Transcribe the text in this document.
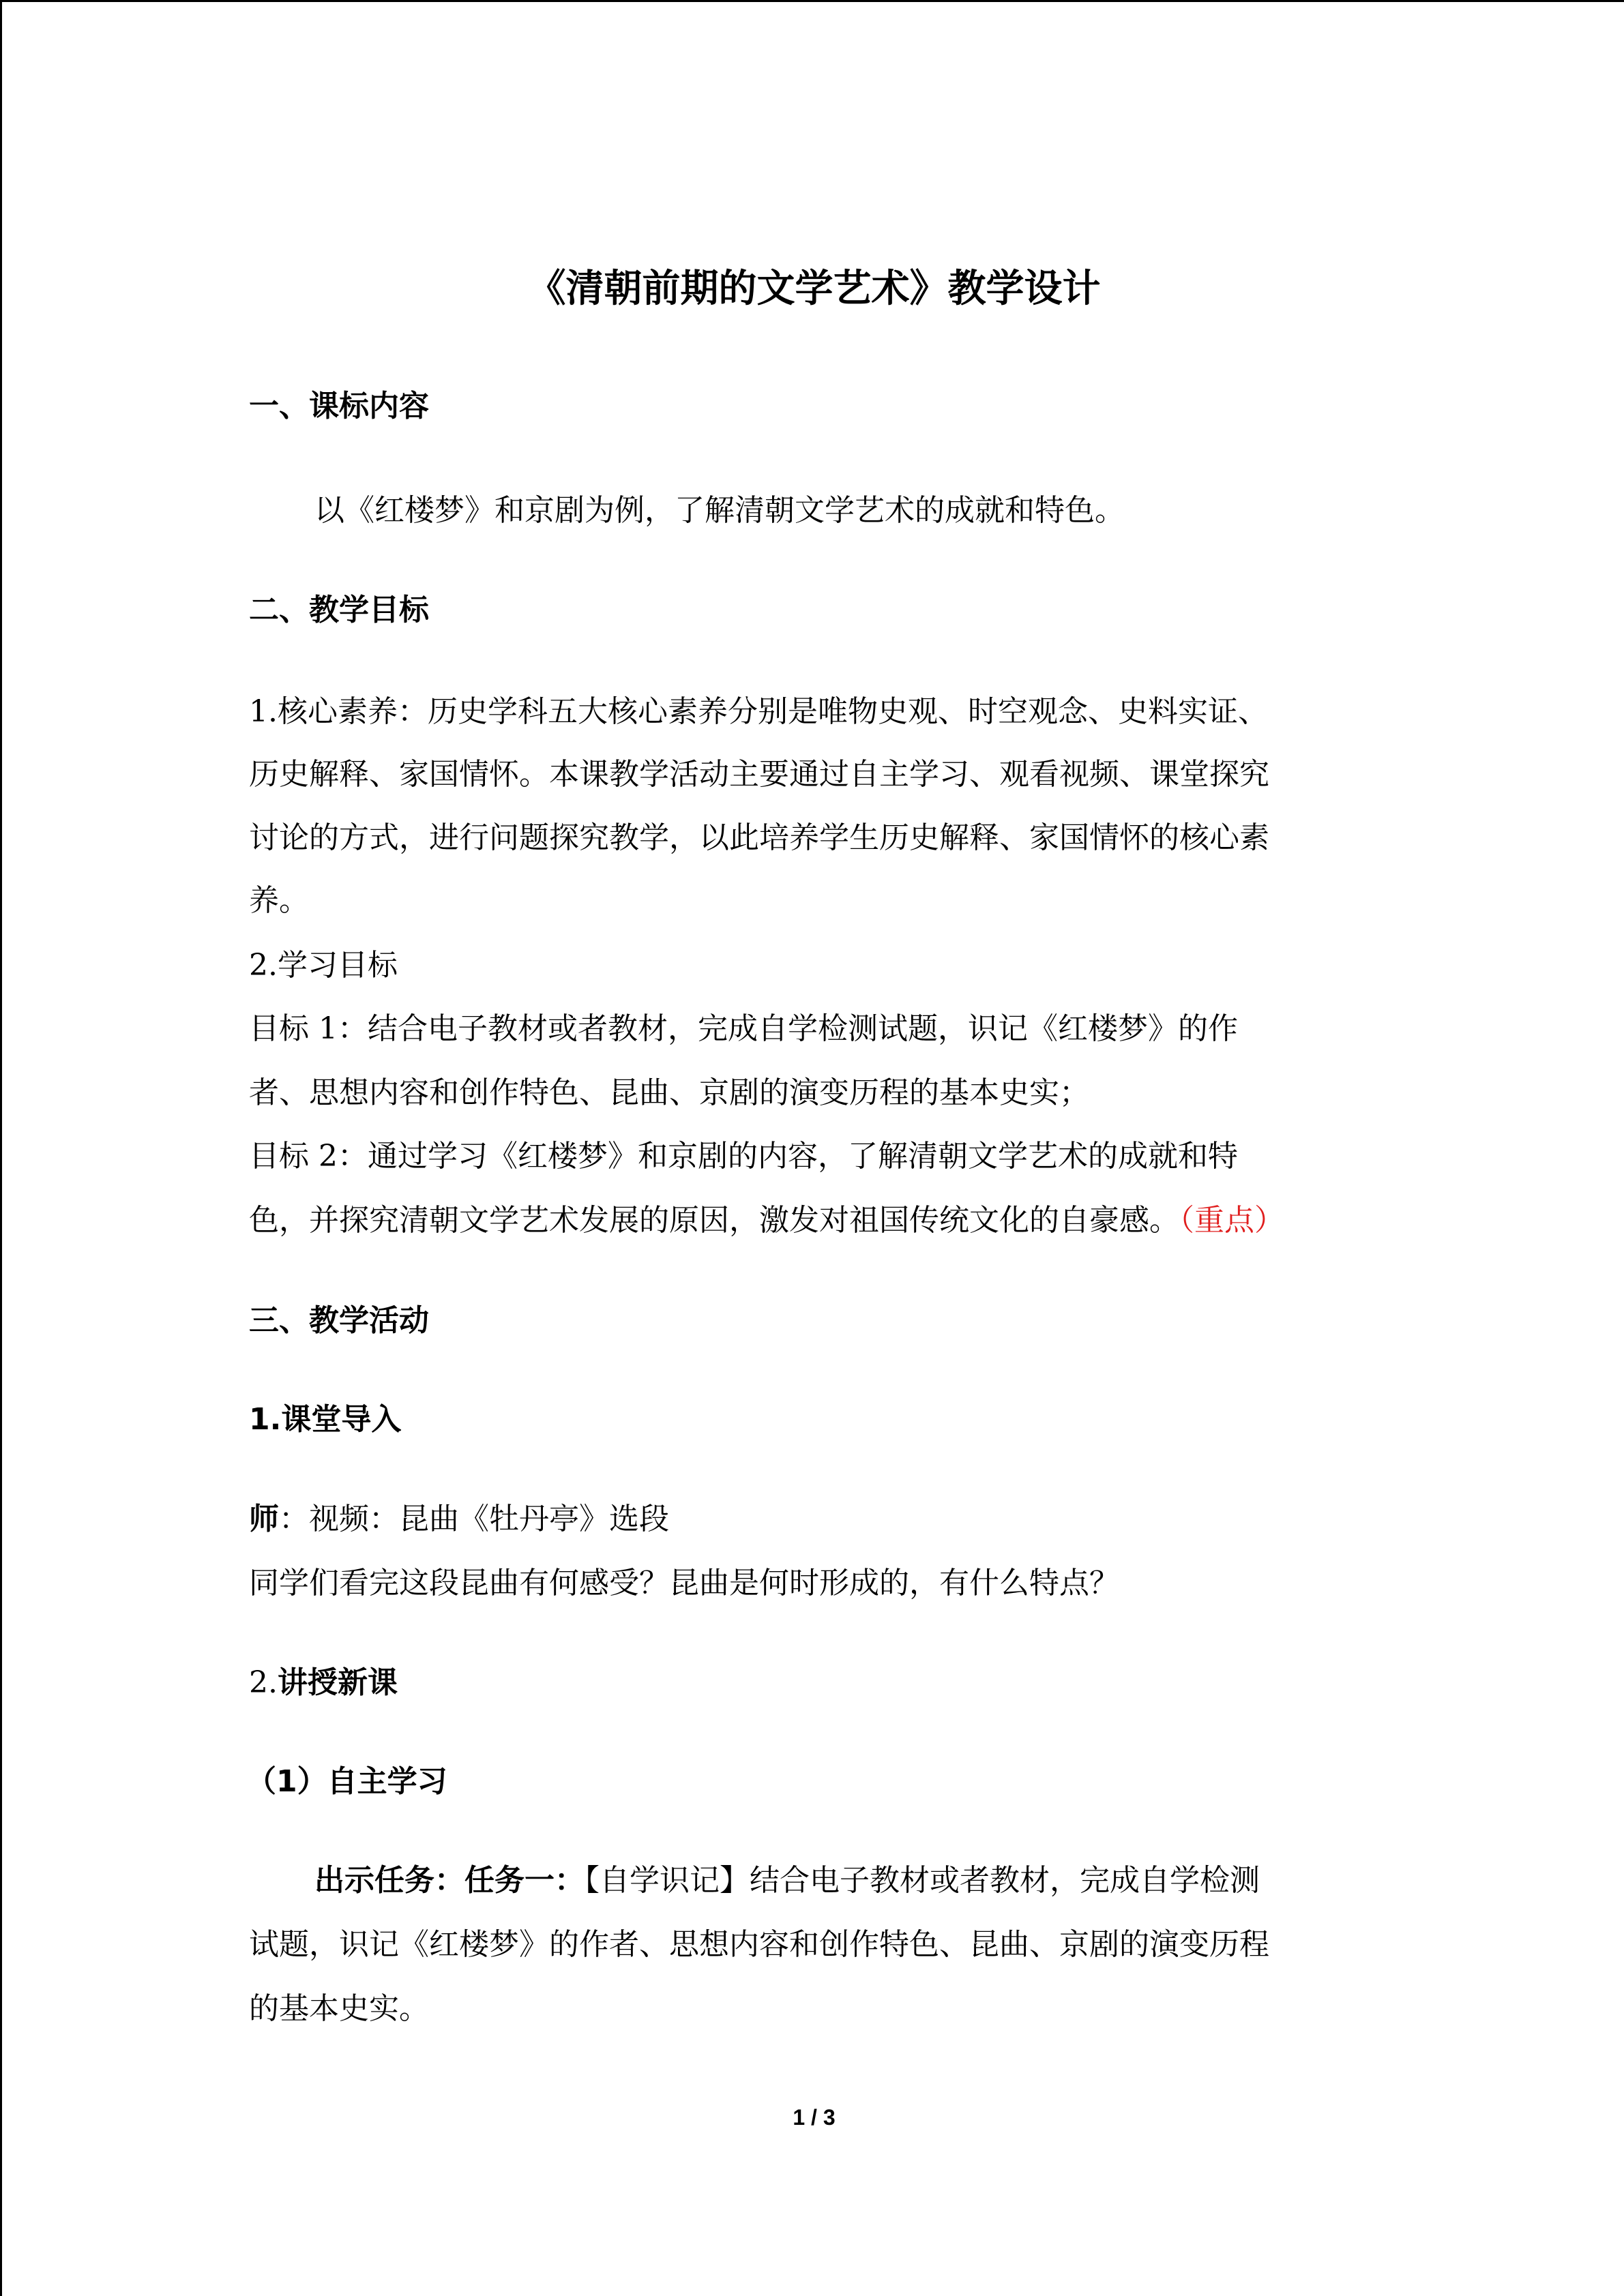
《清朝前期的文学艺术》教学设计

一、课标内容

以《红楼梦》和京剧为例，了解清朝文学艺术的成就和特色。

二、教学目标

1.核心素养：历史学科五大核心素养分别是唯物史观、时空观念、史料实证、

历史解释、家国情怀。本课教学活动主要通过自主学习、观看视频、课堂探究

讨论的方式，进行问题探究教学，以此培养学生历史解释、家国情怀的核心素

养。

2.学习目标

目标 1：结合电子教材或者教材，完成自学检测试题，识记《红楼梦》的作

者、思想内容和创作特色、昆曲、京剧的演变历程的基本史实；

目标 2：通过学习《红楼梦》和京剧的内容，了解清朝文学艺术的成就和特

色，并探究清朝文学艺术发展的原因，激发对祖国传统文化的自豪感。（重点）

三、教学活动

1.课堂导入

师：视频：昆曲《牡丹亭》选段

同学们看完这段昆曲有何感受？昆曲是何时形成的，有什么特点？

2.讲授新课

（1）自主学习

出示任务：任务一：【自学识记】结合电子教材或者教材，完成自学检测

试题，识记《红楼梦》的作者、思想内容和创作特色、昆曲、京剧的演变历程

的基本史实。

1 / 3
